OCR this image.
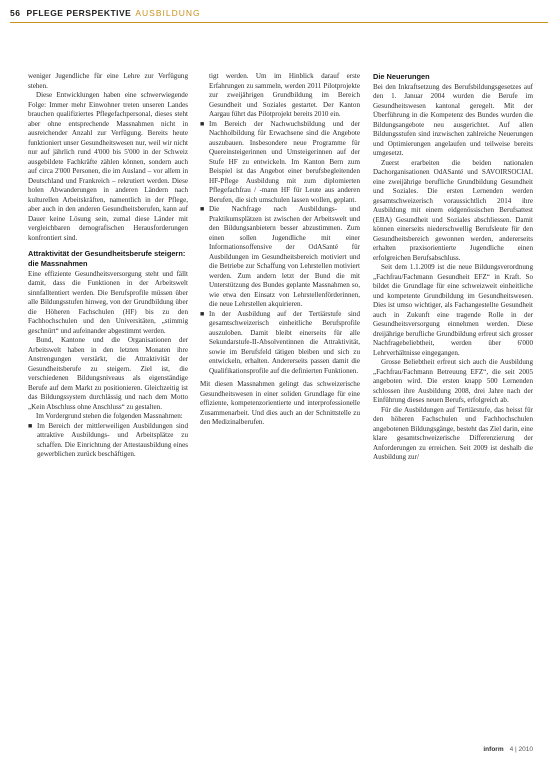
56 PFLEGE PERSPEKTIVE AUSBILDUNG

weniger Jugendliche für eine Lehre zur Verfügung stehen.

Diese Entwicklungen haben eine schwerwiegende Folge: Immer mehr Einwohner treten unseren Landes brauchen qualifiziertes Pflegefachpersonal, dieses steht aber ohne entsprechende Massnahmen nicht in ausreichender Anzahl zur Verfügung. Bereits heute funktioniert unser Gesundheitswesen nur, weil wir nicht nur auf jährlich rund 4'000 bis 5'000 in der Schweiz ausgebildete Fachkräfte zählen können, sondern auch auf circa 2'000 Personen, die im Ausland – vor allem in Deutschland und Frankreich – rekrutiert werden. Diese holen Abwanderungen in anderen Ländern nach kulturellen Arbeitskräften, namentlich in der Pflege, aber auch in den anderen Gesundheitsberufen, kann auf Dauer keine Lösung sein, zumal diese Länder mit vergleichbaren demografischen Herausforderungen konfrontiert sind.

Attraktivität der Gesundheitsberufe steigern: die Massnahmen

Eine effiziente Gesundheitsversorgung steht und fällt damit, dass die Funktionen in der Arbeitswelt sinnfalltentiert werden. Die Berufsprofile müssen über alle Bildungsstufen hinweg, von der Grundbildung über die Höheren Fachschulen (HF) bis zu den Fachhochschulen und den Universitäten, „stimmig geschnürt“ und aufeinander abgestimmt werden.

Bund, Kantone und die Organisationen der Arbeitswelt haben in den letzten Monaten ihre Anstrengungen verstärkt, die Attraktivität der Gesundheitsberufe zu steigern. Ziel ist, die verschiedenen Bildungsniveaus als eigenständige Berufe auf dem Markt zu positionieren. Gleichzeitig ist das Bildungssystem durchlässig und nach dem Motto „Kein Abschluss ohne Anschluss“ zu gestalten.

Im Vordergrund stehen die folgenden Massnahmen:

■ Im Bereich der mittlerweiligen Ausbildungen sind attraktive Ausbildungs- und Arbeitsplätze zu schaffen. Die Einrichtung der Attestausbildung eines gewerblichen zurück beschäftigen.

tigt werden. Um im Hinblick darauf erste Erfahrungen zu sammeln, werden 2011 Pilotprojekte zur zweijährigen Grundbildung im Bereich Gesundheit und Soziales gestartet. Der Kanton Aargau führt das Pilotprojekt bereits 2010 ein.

■ Im Bereich der Nachwuchsbildung und der Nachholbildung für Erwachsene sind die Angebote auszubauen. Insbesondere neue Programme für Quereinsteigerinnen und Umsteigerinnen auf der Stufe HF zu entwickeln. Im Kanton Bern zum Beispiel ist das Angebot einer berufsbegleitenden HF-Pflege Ausbildung mit zum diplomierten Pflegefachfrau / -mann HF für Leute aus anderen Berufen, die sich umschulen lassen wollen, geplant.
■ Die Nachfrage nach Ausbildungs- und Praktikumsplätzen ist zwischen der Arbeitswelt und den Bildungsanbietern besser abzustimmen. Zum einen sollen Jugendliche mit einer Informationsoffensive der OdASanté für Ausbildungen im Gesundheitsbereich motiviert und die Betriebe zur Schaffung von Lehrstellen motiviert werden. Zum andern letzt der Bund die mit Unterstützung des Bundes geplante Massnahmen so, wie etwa den Einsatz von Lehrstellenförderinnen, die neue Lehrstellen akquirieren.
■ In der Ausbildung auf der Tertiärstufe sind gesamtschweizerisch einheitliche Berufsprofile auszuloben. Damit bleibt einerseits für alle Sekundarstufe-II-Absolventinnen die Attraktivität, sowie im Berufsfeld tätigen bleiben und sich zu entwickeln, erhalten. Andererseits passen damit die Qualifikationsprofile auf die definierten Funktionen.

Mit diesen Massnahmen gelingt das schweizerische Gesundheitswesen in einer soliden Grundlage für eine effiziente, kompetenzorientierte und interprofessionelle Zusammenarbeit. Und dies auch an der Schnittstelle zu den Medizinalberufen.

Die Neuerungen

Bei den Inkraftsetzung des Berufsbildungsgesetzes auf den 1. Januar 2004 wurden die Berufe im Gesundheitswesen kantonal geregelt. Mit der Überführung in die Kompetenz des Bundes wurden die Bildungsangebote neu ausgerichtet. Auf allen Bildungsstufen sind inzwischen zahlreiche Neuerungen und Optimierungen angelaufen und teilweise bereits umgesetzt.

Zuerst erarbeiten die beiden nationalen Dachorganisationen OdASanté und SAVOIRSOCIAL eine zweijährige berufliche Grundbildung Gesundheit und Soziales. Die ersten Lernenden werden gesamtschweizerisch voraussichtlich 2014 ihre Ausbildung mit einem eidgenössischen Berufsattest (EBA) Gesundheit und Soziales abschliessen. Damit können einerseits niederschwellig Berufsleute für den Gesundheitsbereich gewonnen werden, andererseits erhalten praxisorientierte Jugendliche einen erfolgreichen Berufsabschluss.

Seit dem 1.1.2009 ist die neue Bildungsverordnung „Fachfrau/Fachmann Gesundheit EFZ“ in Kraft. So bildet die Grundlage für eine schweizweit einheitliche und kompetente Grundbildung im Gesundheitswesen. Dies ist umso wichtiger, als Fachangestellte Gesundheit auch in Zukunft eine tragende Rolle in der Gesundheitsversorgung einnehmen werden. Diese dreijährige berufliche Grundbildung erfreut sich grosser Nachfragebeliebtheit, werden über 6'000 Lehrverhältnisse eingegangen.

Grosse Beliebtheit erfreut sich auch die Ausbildung „Fachfrau/Fachmann Betreuung EFZ“, die seit 2005 angeboten wird. Die ersten knapp 500 Lernenden schlossen ihre Ausbildung 2008, drei Jahre nach der Einführung dieses neuen Berufs, erfolgreich ab.

Für die Ausbildungen auf Tertiärstufe, das heisst für den höheren Fachschulen und Fachhochschulen angebotenen Bildungsgänge, besteht das Ziel darin, eine klare gesamtschweizerische Differenzierung der Anforderungen zu erreichen. Seit 2009 ist deshalb die Ausbildung zur/

inform 4 | 2010
